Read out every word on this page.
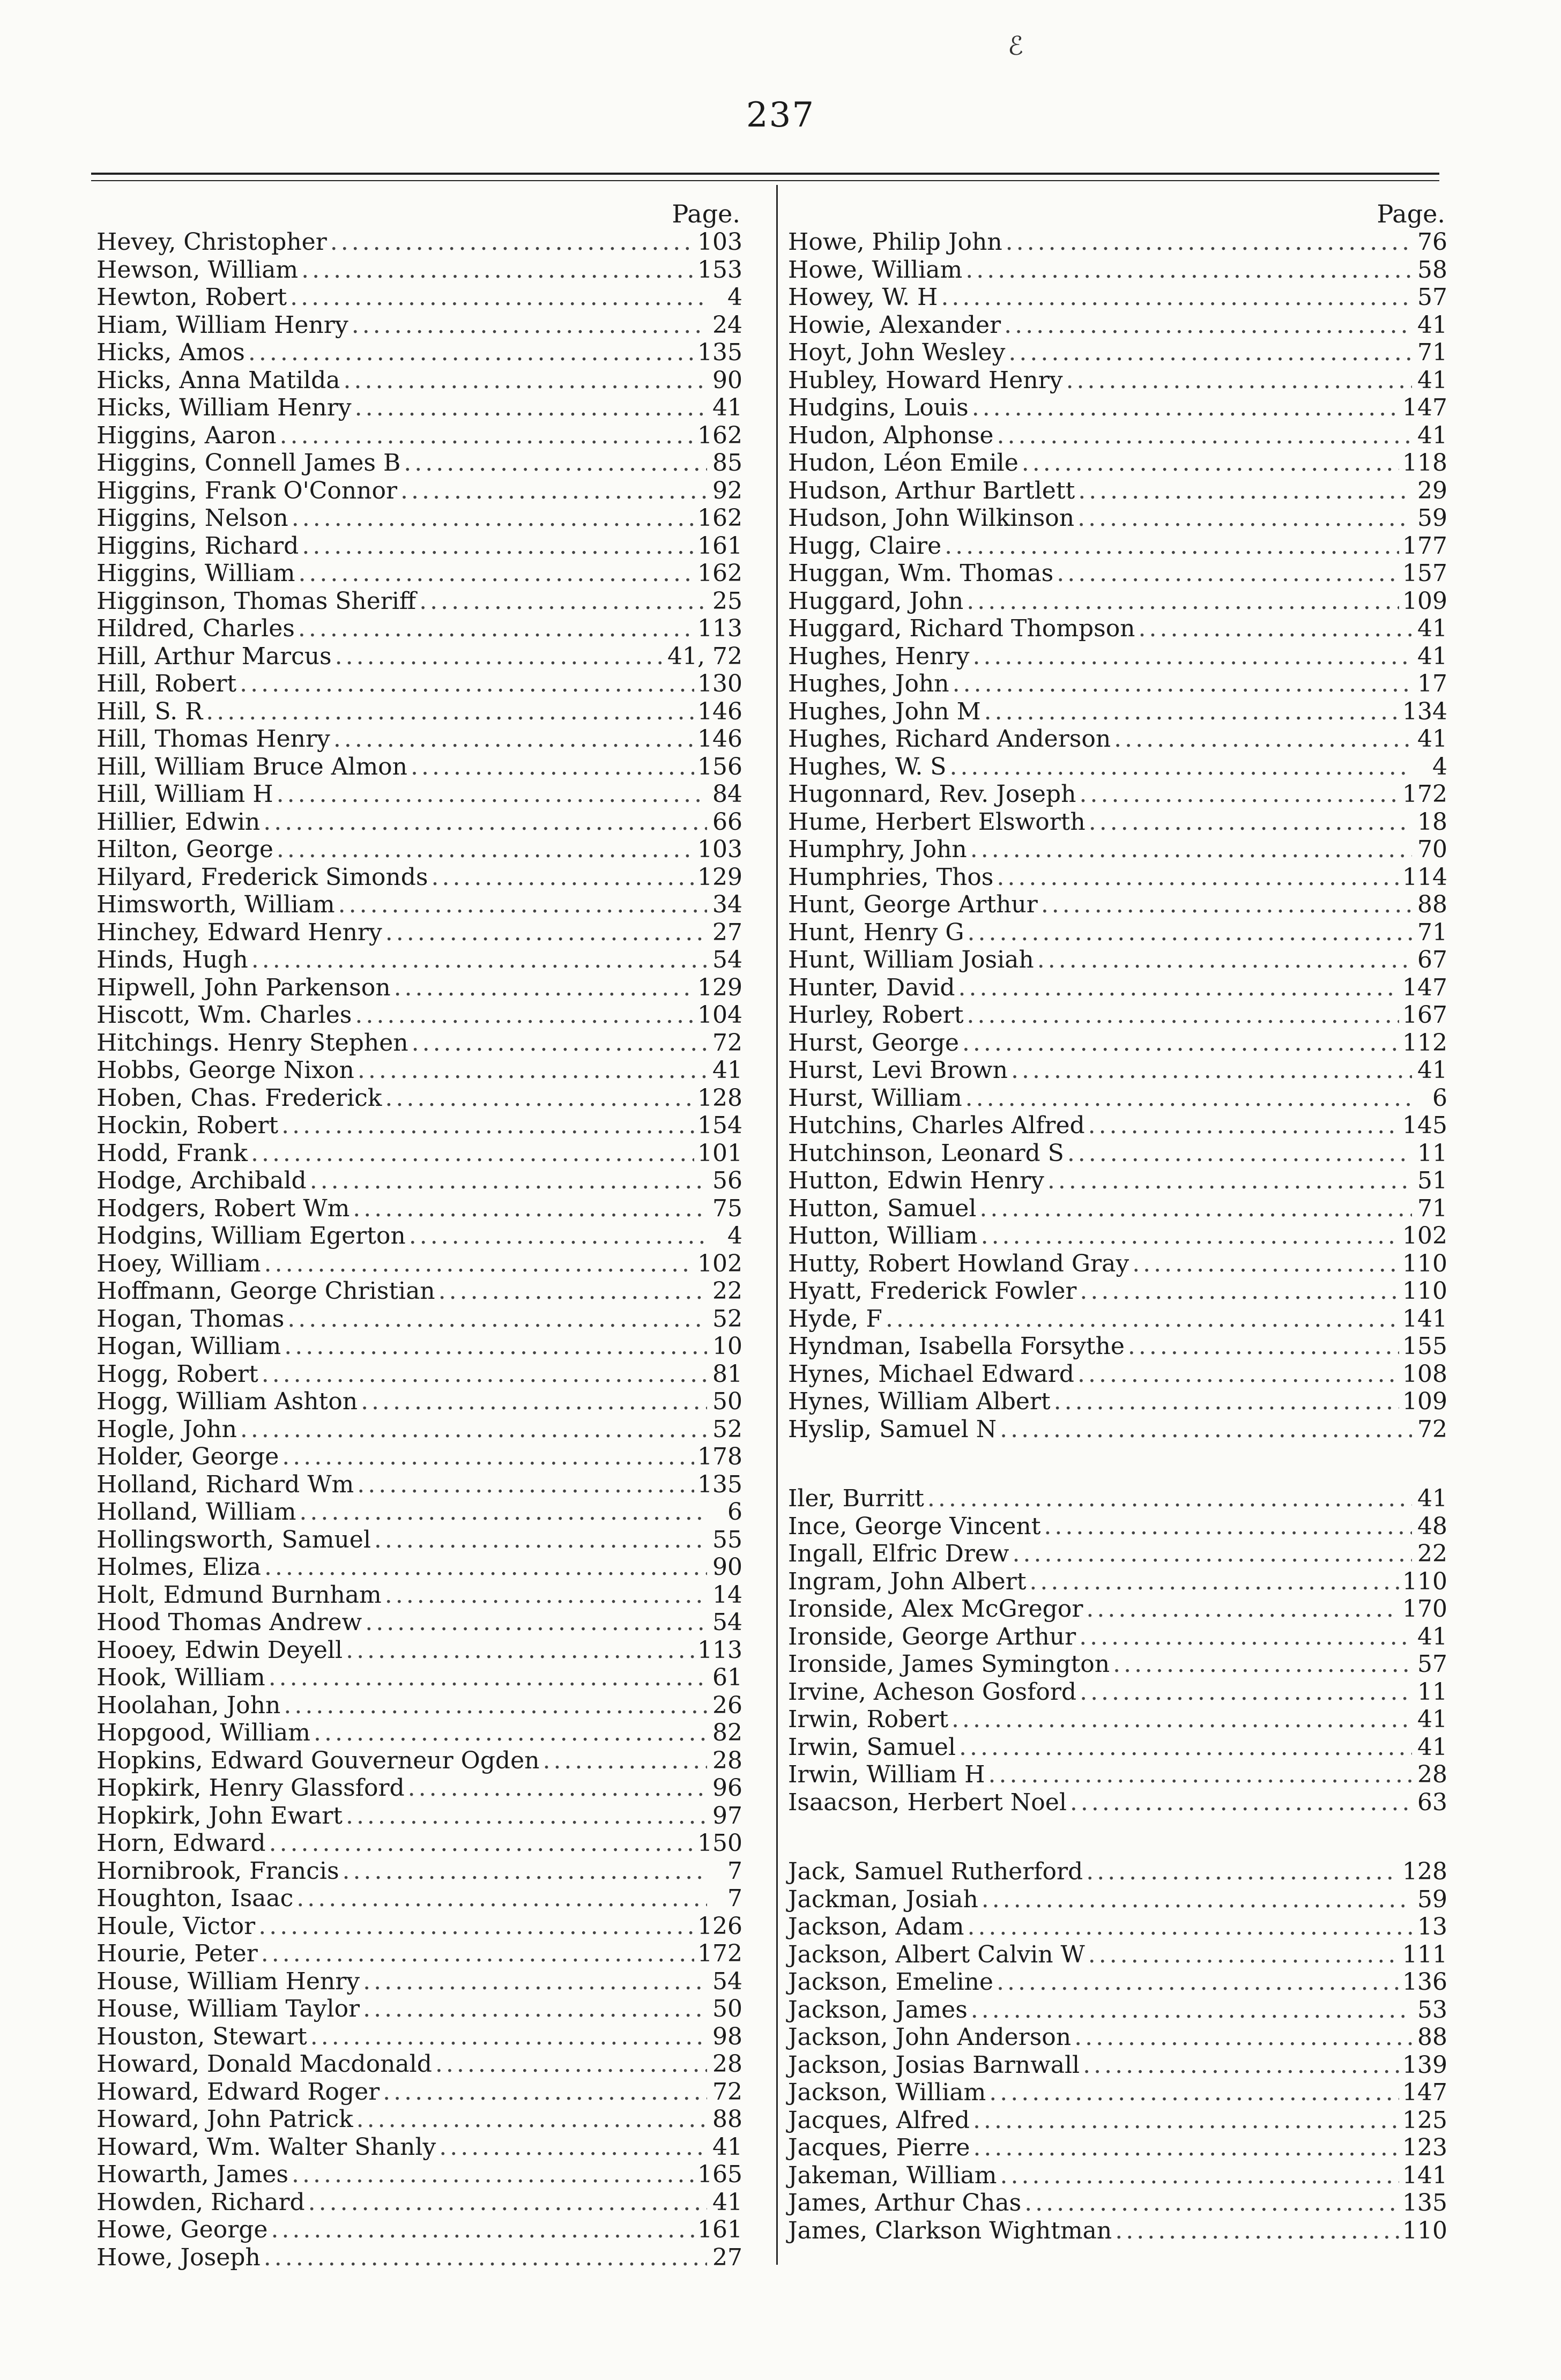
237
ℰ
Page.
Hevey, Christopher .....	103
Hewson, William .....	153
Hewton, Robert .....	4
Hiam, William Henry .....	24
Hicks, Amos .....	135
Hicks, Anna Matilda .....	90
Hicks, William Henry .....	41
Higgins, Aaron .....	162
Higgins, Connell James B .....	85
Higgins, Frank O'Connor .....	92
Higgins, Nelson .....	162
Higgins, Richard .....	161
Higgins, William .....	162
Higginson, Thomas Sheriff .....	25
Hildred, Charles .....	113
Hill, Arthur Marcus .....	41, 72
Hill, Robert .....	130
Hill, S. R .....	146
Hill, Thomas Henry .....	146
Hill, William Bruce Almon .....	156
Hill, William H .....	84
Hillier, Edwin .....	66
Hilton, George .....	103
Hilyard, Frederick Simonds .....	129
Himsworth, William .....	34
Hinchey, Edward Henry .....	27
Hinds, Hugh .....	54
Hipwell, John Parkenson .....	129
Hiscott, Wm. Charles .....	104
Hitchings. Henry Stephen .....	72
Hobbs, George Nixon .....	41
Hoben, Chas. Frederick .....	128
Hockin, Robert .....	154
Hodd, Frank .....	101
Hodge, Archibald .....	56
Hodgers, Robert Wm .....	75
Hodgins, William Egerton .....	4
Hoey, William .....	102
Hoffmann, George Christian .....	22
Hogan, Thomas .....	52
Hogan, William .....	10
Hogg, Robert .....	81
Hogg, William Ashton .....	50
Hogle, John .....	52
Holder, George .....	178
Holland, Richard Wm .....	135
Holland, William .....	6
Hollingsworth, Samuel .....	55
Holmes, Eliza .....	90
Holt, Edmund Burnham .....	14
Hood Thomas Andrew .....	54
Hooey, Edwin Deyell .....	113
Hook, William .....	61
Hoolahan, John .....	26
Hopgood, William .....	82
Hopkins, Edward Gouverneur Ogden .....	28
Hopkirk, Henry Glassford .....	96
Hopkirk, John Ewart .....	97
Horn, Edward .....	150
Hornibrook, Francis .....	7
Houghton, Isaac .....	7
Houle, Victor .....	126
Hourie, Peter .....	172
House, William Henry .....	54
House, William Taylor .....	50
Houston, Stewart .....	98
Howard, Donald Macdonald .....	28
Howard, Edward Roger .....	72
Howard, John Patrick .....	88
Howard, Wm. Walter Shanly .....	41
Howarth, James .....	165
Howden, Richard .....	41
Howe, George .....	161
Howe, Joseph .....	27
Page.
Howe, Philip John .....	76
Howe, William .....	58
Howey, W. H .....	57
Howie, Alexander .....	41
Hoyt, John Wesley .....	71
Hubley, Howard Henry .....	41
Hudgins, Louis .....	147
Hudon, Alphonse .....	41
Hudon, Léon Emile .....	118
Hudson, Arthur Bartlett .....	29
Hudson, John Wilkinson .....	59
Hugg, Claire .....	177
Huggan, Wm. Thomas .....	157
Huggard, John .....	109
Huggard, Richard Thompson .....	41
Hughes, Henry .....	41
Hughes, John .....	17
Hughes, John M .....	134
Hughes, Richard Anderson .....	41
Hughes, W. S .....	4
Hugonnard, Rev. Joseph .....	172
Hume, Herbert Elsworth .....	18
Humphry, John .....	70
Humphries, Thos .....	114
Hunt, George Arthur .....	88
Hunt, Henry G .....	71
Hunt, William Josiah .....	67
Hunter, David .....	147
Hurley, Robert .....	167
Hurst, George .....	112
Hurst, Levi Brown .....	41
Hurst, William .....	6
Hutchins, Charles Alfred .....	145
Hutchinson, Leonard S .....	11
Hutton, Edwin Henry .....	51
Hutton, Samuel .....	71
Hutton, William .....	102
Hutty, Robert Howland Gray .....	110
Hyatt, Frederick Fowler .....	110
Hyde, F .....	141
Hyndman, Isabella Forsythe .....	155
Hynes, Michael Edward .....	108
Hynes, William Albert .....	109
Hyslip, Samuel N .....	72
Iler, Burritt .....	41
Ince, George Vincent .....	48
Ingall, Elfric Drew .....	22
Ingram, John Albert .....	110
Ironside, Alex McGregor .....	170
Ironside, George Arthur .....	41
Ironside, James Symington .....	57
Irvine, Acheson Gosford .....	11
Irwin, Robert .....	41
Irwin, Samuel .....	41
Irwin, William H .....	28
Isaacson, Herbert Noel .....	63
Jack, Samuel Rutherford .....	128
Jackman, Josiah .....	59
Jackson, Adam .....	13
Jackson, Albert Calvin W .....	111
Jackson, Emeline .....	136
Jackson, James .....	53
Jackson, John Anderson .....	88
Jackson, Josias Barnwall .....	139
Jackson, William .....	147
Jacques, Alfred .....	125
Jacques, Pierre .....	123
Jakeman, William .....	141
James, Arthur Chas .....	135
James, Clarkson Wightman .....	110
